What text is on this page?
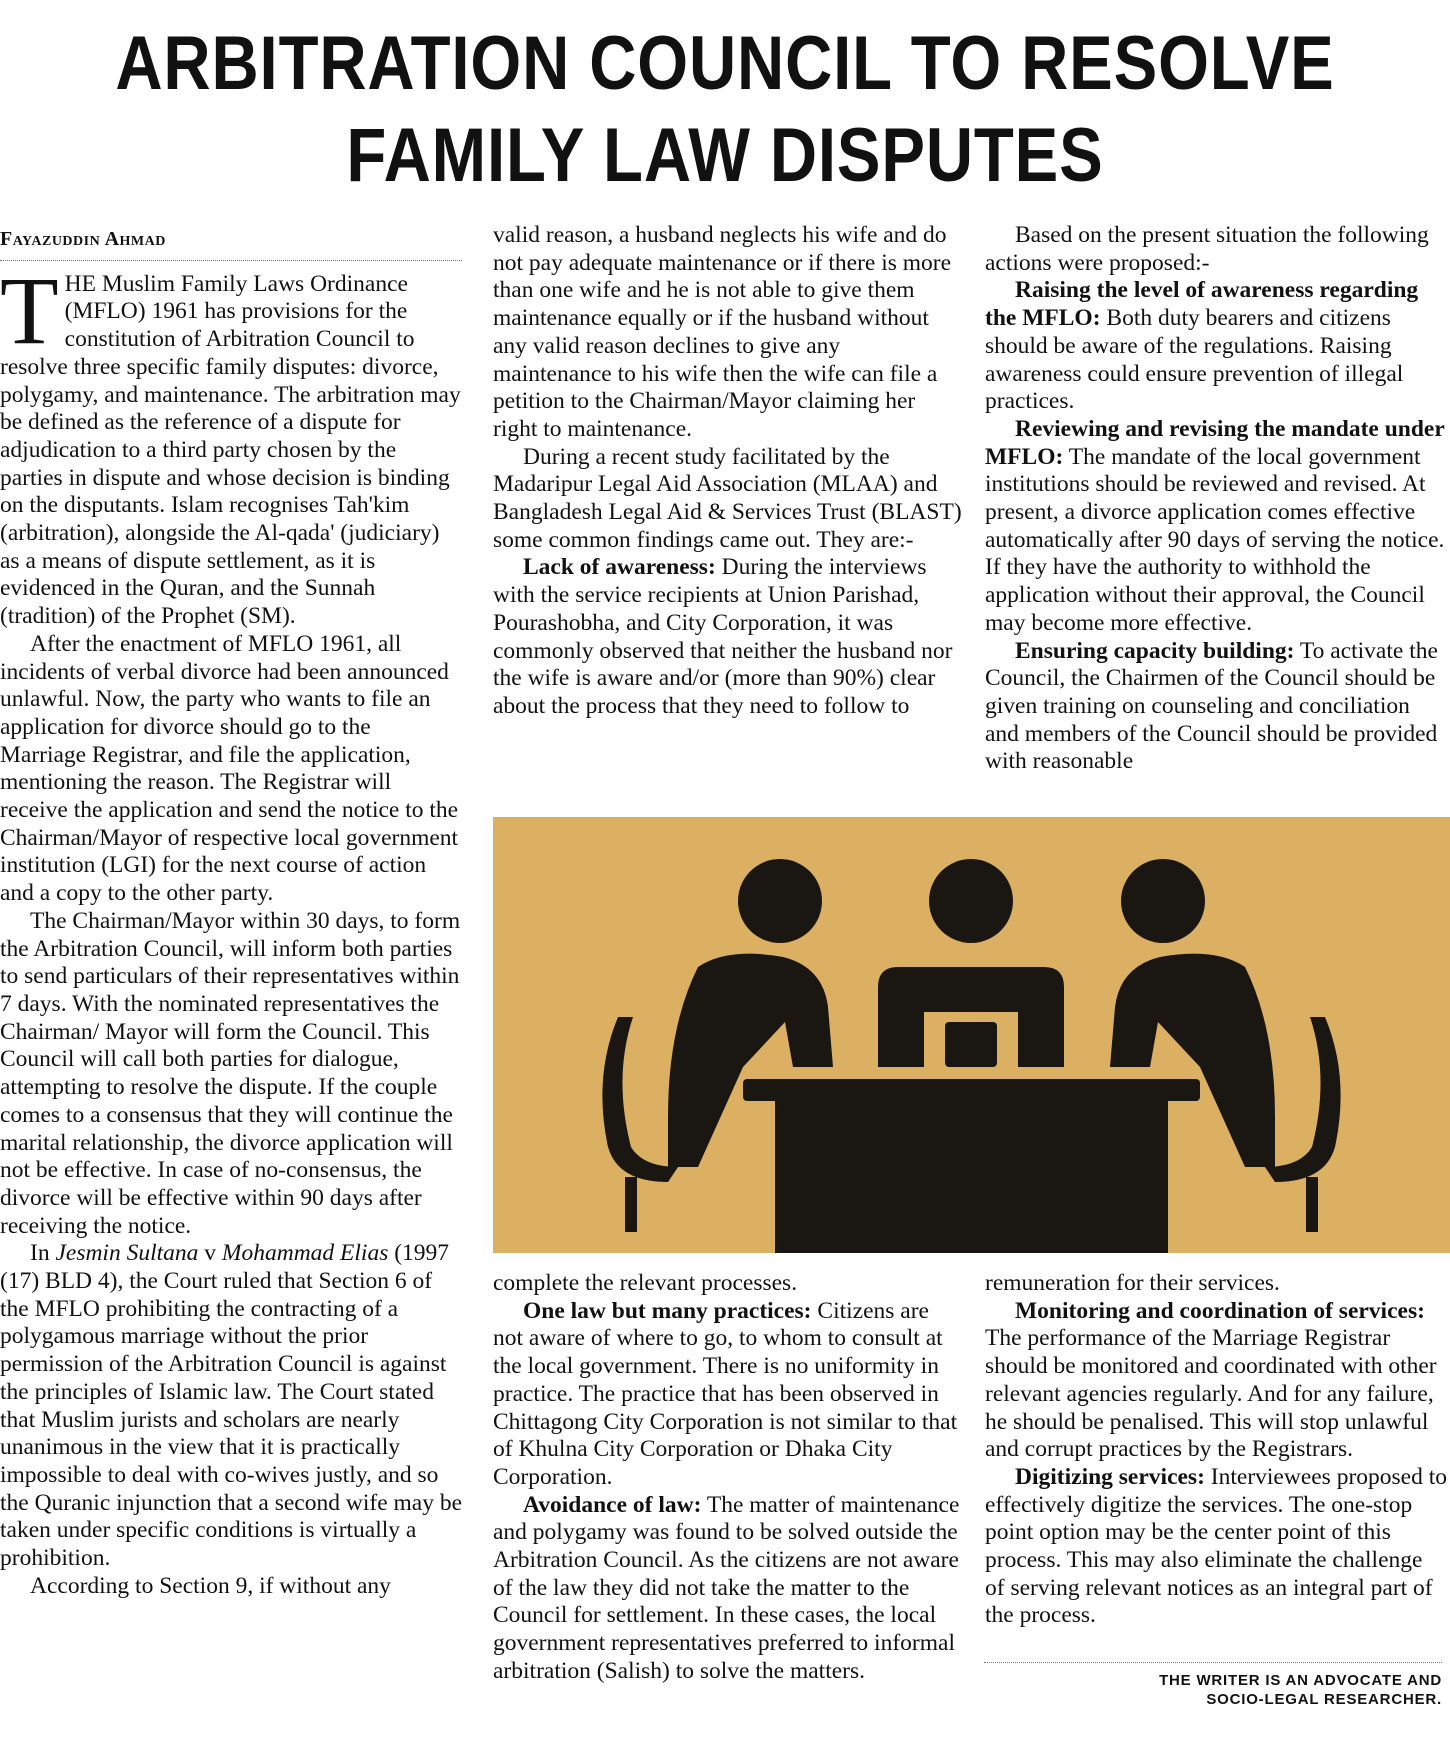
ARBITRATION COUNCIL TO RESOLVE
FAMILY LAW DISPUTES
Fayazuddin Ahmad

THE Muslim Family Laws Ordinance (MFLO) 1961 has provisions for the constitution of Arbitration Council to resolve three specific family disputes: divorce, polygamy, and maintenance. The arbitration may be defined as the reference of a dispute for adjudication to a third party chosen by the parties in dispute and whose decision is binding on the disputants. Islam recognises Tah'kim (arbitration), alongside the Al-qada' (judiciary) as a means of dispute settlement, as it is evidenced in the Quran, and the Sunnah (tradition) of the Prophet (SM).

After the enactment of MFLO 1961, all incidents of verbal divorce had been announced unlawful. Now, the party who wants to file an application for divorce should go to the Marriage Registrar, and file the application, mentioning the reason. The Registrar will receive the application and send the notice to the Chairman/Mayor of respective local government institution (LGI) for the next course of action and a copy to the other party.

The Chairman/Mayor within 30 days, to form the Arbitration Council, will inform both parties to send particulars of their representatives within 7 days. With the nominated representatives the Chairman/ Mayor will form the Council. This Council will call both parties for dialogue, attempting to resolve the dispute. If the couple comes to a consensus that they will continue the marital relationship, the divorce application will not be effective. In case of no-consensus, the divorce will be effective within 90 days after receiving the notice.

In Jesmin Sultana v Mohammad Elias (1997 (17) BLD 4), the Court ruled that Section 6 of the MFLO prohibiting the contracting of a polygamous marriage without the prior permission of the Arbitration Council is against the principles of Islamic law. The Court stated that Muslim jurists and scholars are nearly unanimous in the view that it is practically impossible to deal with co-wives justly, and so the Quranic injunction that a second wife may be taken under specific conditions is virtually a prohibition.

According to Section 9, if without any

valid reason, a husband neglects his wife and do not pay adequate maintenance or if there is more than one wife and he is not able to give them maintenance equally or if the husband without any valid reason declines to give any maintenance to his wife then the wife can file a petition to the Chairman/Mayor claiming her right to maintenance.

During a recent study facilitated by the Madaripur Legal Aid Association (MLAA) and Bangladesh Legal Aid & Services Trust (BLAST) some common findings came out. They are:-

Lack of awareness: During the interviews with the service recipients at Union Parishad, Pourashobha, and City Corporation, it was commonly observed that neither the husband nor the wife is aware and/or (more than 90%) clear about the process that they need to follow to

Based on the present situation the following actions were proposed:-

Raising the level of awareness regarding the MFLO: Both duty bearers and citizens should be aware of the regulations. Raising awareness could ensure prevention of illegal practices.

Reviewing and revising the mandate under MFLO: The mandate of the local government institutions should be reviewed and revised. At present, a divorce application comes effective automatically after 90 days of serving the notice. If they have the authority to withhold the application without their approval, the Council may become more effective.

Ensuring capacity building: To activate the Council, the Chairmen of the Council should be given training on counseling and conciliation and members of the Council should be provided with reasonable

complete the relevant processes.

One law but many practices: Citizens are not aware of where to go, to whom to consult at the local government. There is no uniformity in practice. The practice that has been observed in Chittagong City Corporation is not similar to that of Khulna City Corporation or Dhaka City Corporation.

Avoidance of law: The matter of maintenance and polygamy was found to be solved outside the Arbitration Council. As the citizens are not aware of the law they did not take the matter to the Council for settlement. In these cases, the local government representatives preferred to informal arbitration (Salish) to solve the matters.

remuneration for their services.

Monitoring and coordination of services: The performance of the Marriage Registrar should be monitored and coordinated with other relevant agencies regularly. And for any failure, he should be penalised. This will stop unlawful and corrupt practices by the Registrars.

Digitizing services: Interviewees proposed to effectively digitize the services. The one-stop point option may be the center point of this process. This may also eliminate the challenge of serving relevant notices as an integral part of the process.

THE WRITER IS AN ADVOCATE AND
SOCIO-LEGAL RESEARCHER.
